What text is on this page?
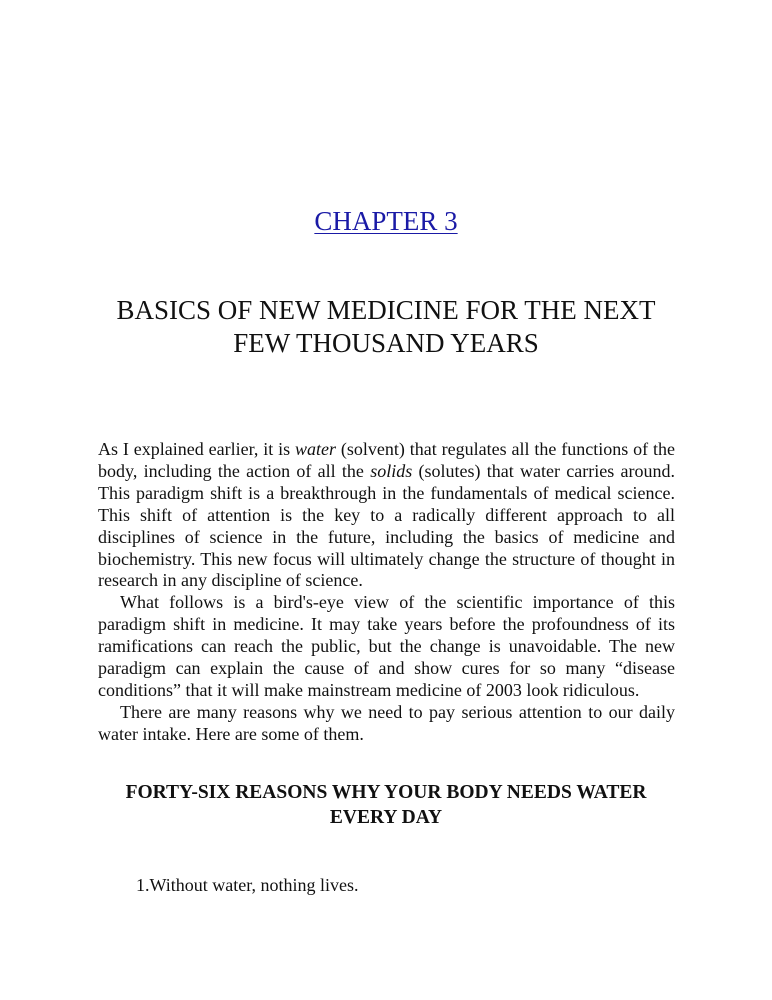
CHAPTER 3
BASICS OF NEW MEDICINE FOR THE NEXT
FEW THOUSAND YEARS

As I explained earlier, it is water (solvent) that regulates all the functions of the body, including the action of all the solids (solutes) that water carries around. This paradigm shift is a breakthrough in the fundamentals of medical science. This shift of attention is the key to a radically different approach to all disciplines of science in the future, including the basics of medicine and biochemistry. This new focus will ultimately change the structure of thought in research in any discipline of science.

What follows is a bird's-eye view of the scientific importance of this paradigm shift in medicine. It may take years before the profoundness of its ramifications can reach the public, but the change is unavoidable. The new paradigm can explain the cause of and show cures for so many “disease conditions” that it will make mainstream medicine of 2003 look ridiculous.

There are many reasons why we need to pay serious attention to our daily water intake. Here are some of them.

FORTY-SIX REASONS WHY YOUR BODY NEEDS WATER
EVERY DAY
1.Without water, nothing lives.
